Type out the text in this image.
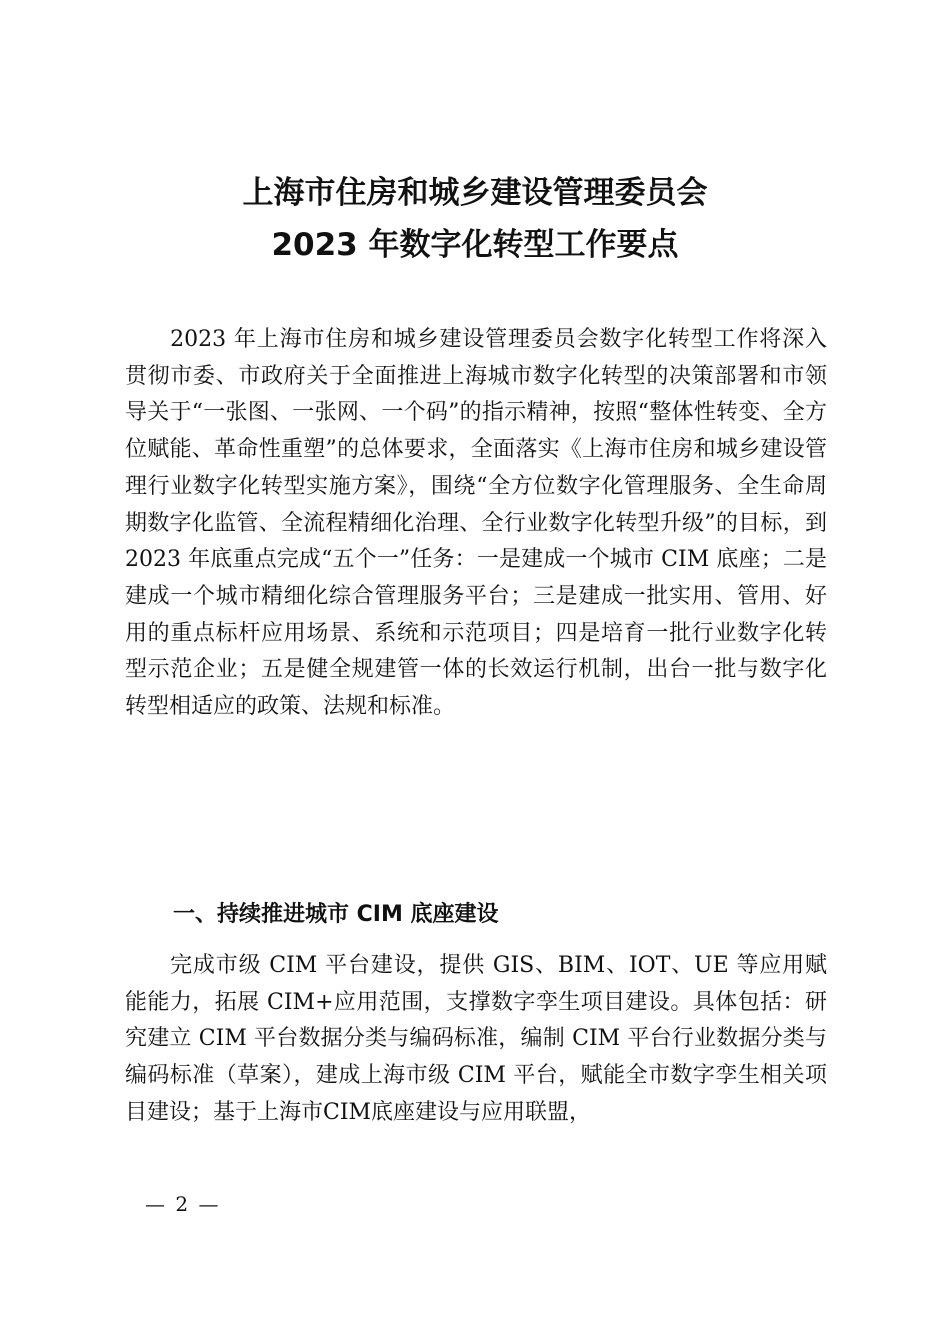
上海市住房和城乡建设管理委员会
2023 年数字化转型工作要点

2023 年上海市住房和城乡建设管理委员会数字化转型工作将深入贯彻市委、市政府关于全面推进上海城市数字化转型的决策部署和市领导关于“一张图、一张网、一个码”的指示精神，按照“整体性转变、全方位赋能、革命性重塑”的总体要求，全面落实《上海市住房和城乡建设管理行业数字化转型实施方案》，围绕“全方位数字化管理服务、全生命周期数字化监管、全流程精细化治理、全行业数字化转型升级”的目标，到 2023 年底重点完成“五个一”任务：一是建成一个城市 CIM 底座；二是建成一个城市精细化综合管理服务平台；三是建成一批实用、管用、好用的重点标杆应用场景、系统和示范项目；四是培育一批行业数字化转型示范企业；五是健全规建管一体的长效运行机制，出台一批与数字化转型相适应的政策、法规和标准。

一、持续推进城市 CIM 底座建设

完成市级 CIM 平台建设，提供 GIS、BIM、IOT、UE 等应用赋能能力，拓展 CIM+应用范围，支撑数字孪生项目建设。具体包括：研究建立 CIM 平台数据分类与编码标准，编制 CIM 平台行业数据分类与编码标准（草案），建成上海市级 CIM 平台，赋能全市数字孪生相关项目建设；基于上海市CIM底座建设与应用联盟，

— 2 —
